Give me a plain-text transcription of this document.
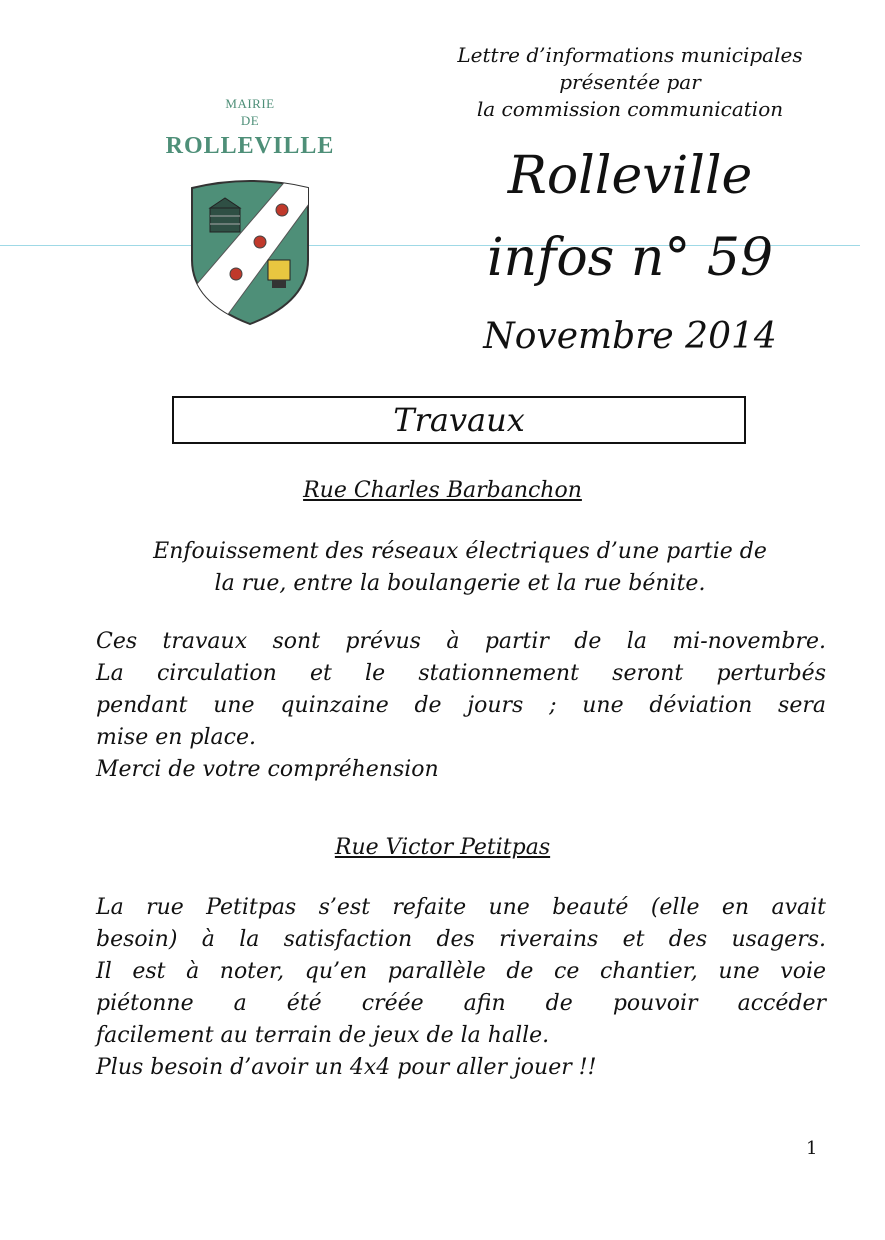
MAIRIE
DE
ROLLEVILLE
Lettre d’informations municipales
présentée par
la commission communication
Rolleville
infos n° 59
Novembre 2014
Travaux
Rue Charles Barbanchon
Enfouissement des réseaux électriques d’une partie de
la rue, entre la boulangerie et la rue bénite.
Ces travaux sont prévus à partir de la mi-novembre.
La circulation et le stationnement seront perturbés
pendant une quinzaine de jours ; une déviation sera
mise en place.
Merci de votre compréhension
Rue Victor Petitpas
La rue Petitpas s’est refaite une beauté (elle en avait
besoin) à la satisfaction des riverains et des usagers.
Il est à noter, qu’en parallèle de ce chantier, une voie
piétonne a été créée afin de pouvoir accéder
facilement au terrain de jeux de la halle.
Plus besoin d’avoir un 4x4 pour aller jouer !!
1
